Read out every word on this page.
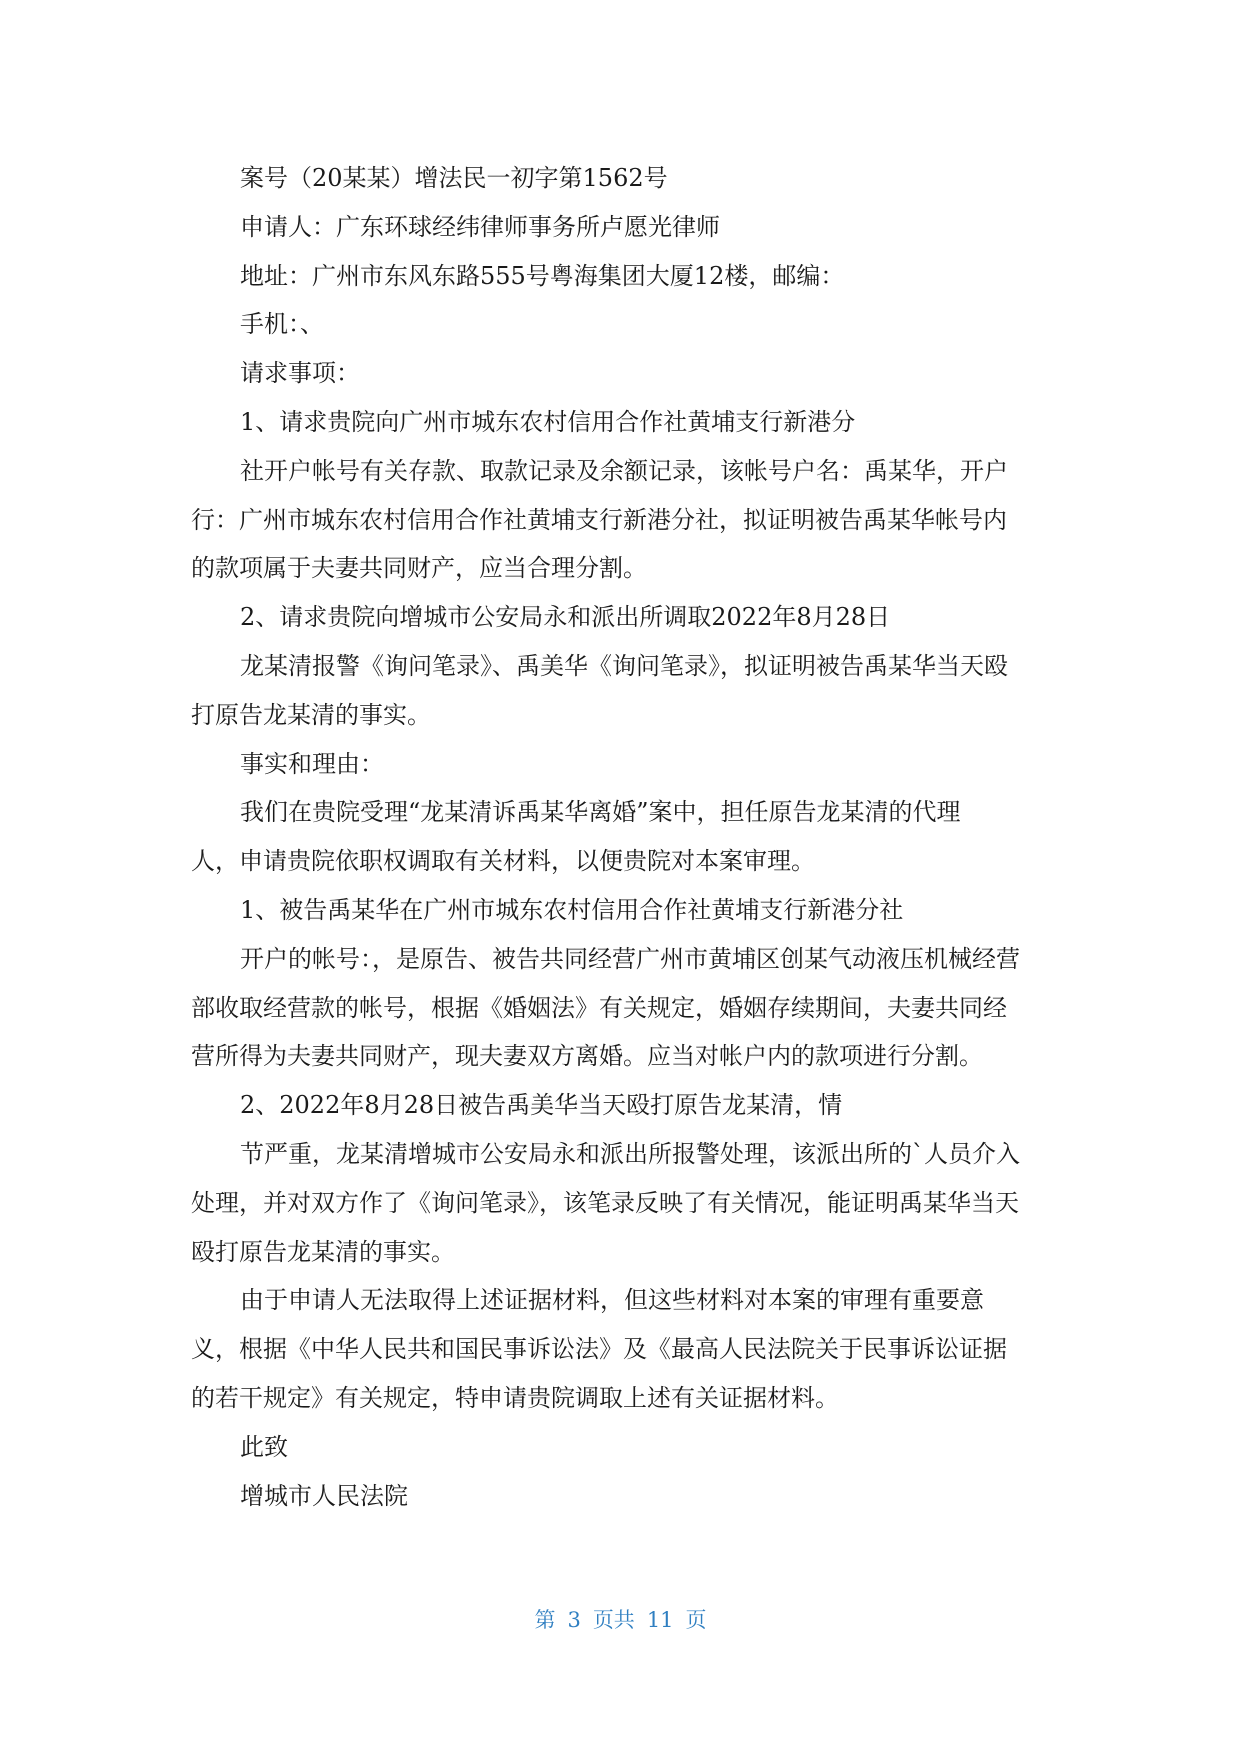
案号（20某某）增法民一初字第1562号
申请人：广东环球经纬律师事务所卢愿光律师
地址：广州市东风东路555号粤海集团大厦12楼，邮编：
手机：、
请求事项：
1、请求贵院向广州市城东农村信用合作社黄埔支行新港分
社开户帐号有关存款、取款记录及余额记录，该帐号户名：禹某华，开户
行：广州市城东农村信用合作社黄埔支行新港分社，拟证明被告禹某华帐号内
的款项属于夫妻共同财产，应当合理分割。
2、请求贵院向增城市公安局永和派出所调取2022年8月28日
龙某清报警《询问笔录》、禹美华《询问笔录》，拟证明被告禹某华当天殴
打原告龙某清的事实。
事实和理由：
我们在贵院受理“龙某清诉禹某华离婚”案中，担任原告龙某清的代理
人，申请贵院依职权调取有关材料，以便贵院对本案审理。
1、被告禹某华在广州市城东农村信用合作社黄埔支行新港分社
开户的帐号：，是原告、被告共同经营广州市黄埔区创某气动液压机械经营
部收取经营款的帐号，根据《婚姻法》有关规定，婚姻存续期间，夫妻共同经
营所得为夫妻共同财产，现夫妻双方离婚。应当对帐户内的款项进行分割。
2、2022年8月28日被告禹美华当天殴打原告龙某清，情
节严重，龙某清增城市公安局永和派出所报警处理，该派出所的`人员介入
处理，并对双方作了《询问笔录》，该笔录反映了有关情况，能证明禹某华当天
殴打原告龙某清的事实。
由于申请人无法取得上述证据材料，但这些材料对本案的审理有重要意
义，根据《中华人民共和国民事诉讼法》及《最高人民法院关于民事诉讼证据
的若干规定》有关规定，特申请贵院调取上述有关证据材料。
此致
增城市人民法院
第 3 页共 11 页
